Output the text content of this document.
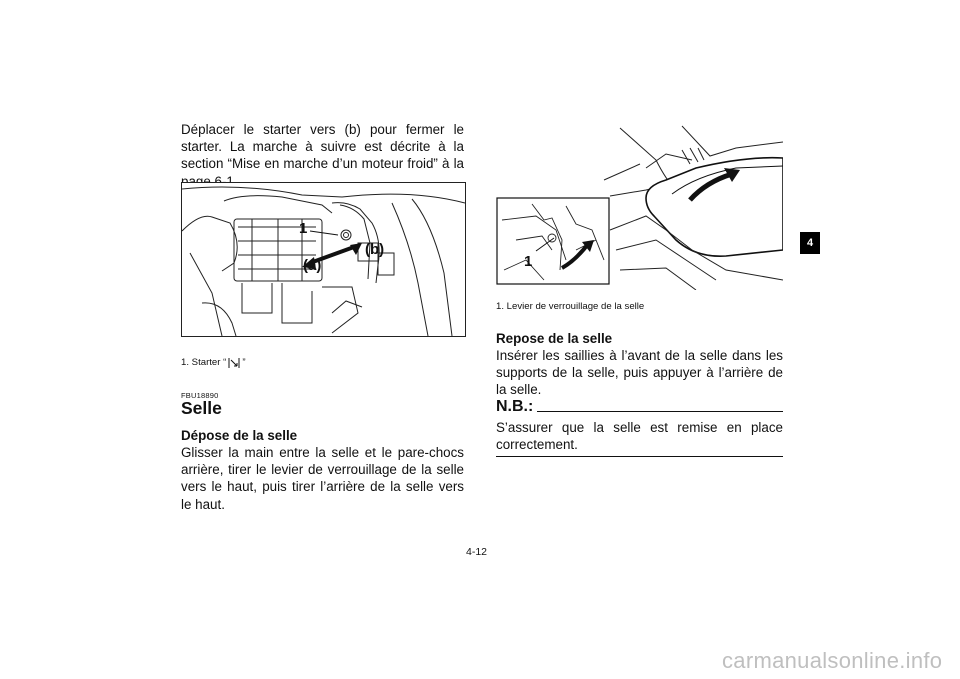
Déplacer le starter vers (b) pour fermer le starter. La marche à suivre est décrite à la section “Mise en marche d’un moteur froid” à la
1
(a)
(b)
1. Starter “ ”
FBU18890
Selle
Dépose de la selle
Glisser la main entre la selle et le pare-chocs arrière, tirer le levier de verrouillage de la selle vers le haut, puis tirer l’arrière de la selle vers le haut.
1
1. Levier de verrouillage de la selle
Repose de la selle
Insérer les saillies à l’avant de la selle dans les supports de la selle, puis appuyer à l’arrière de la selle.
N.B.:
S’assurer que la selle est remise en place correctement.
4
4-12
carmanualsonline.info
